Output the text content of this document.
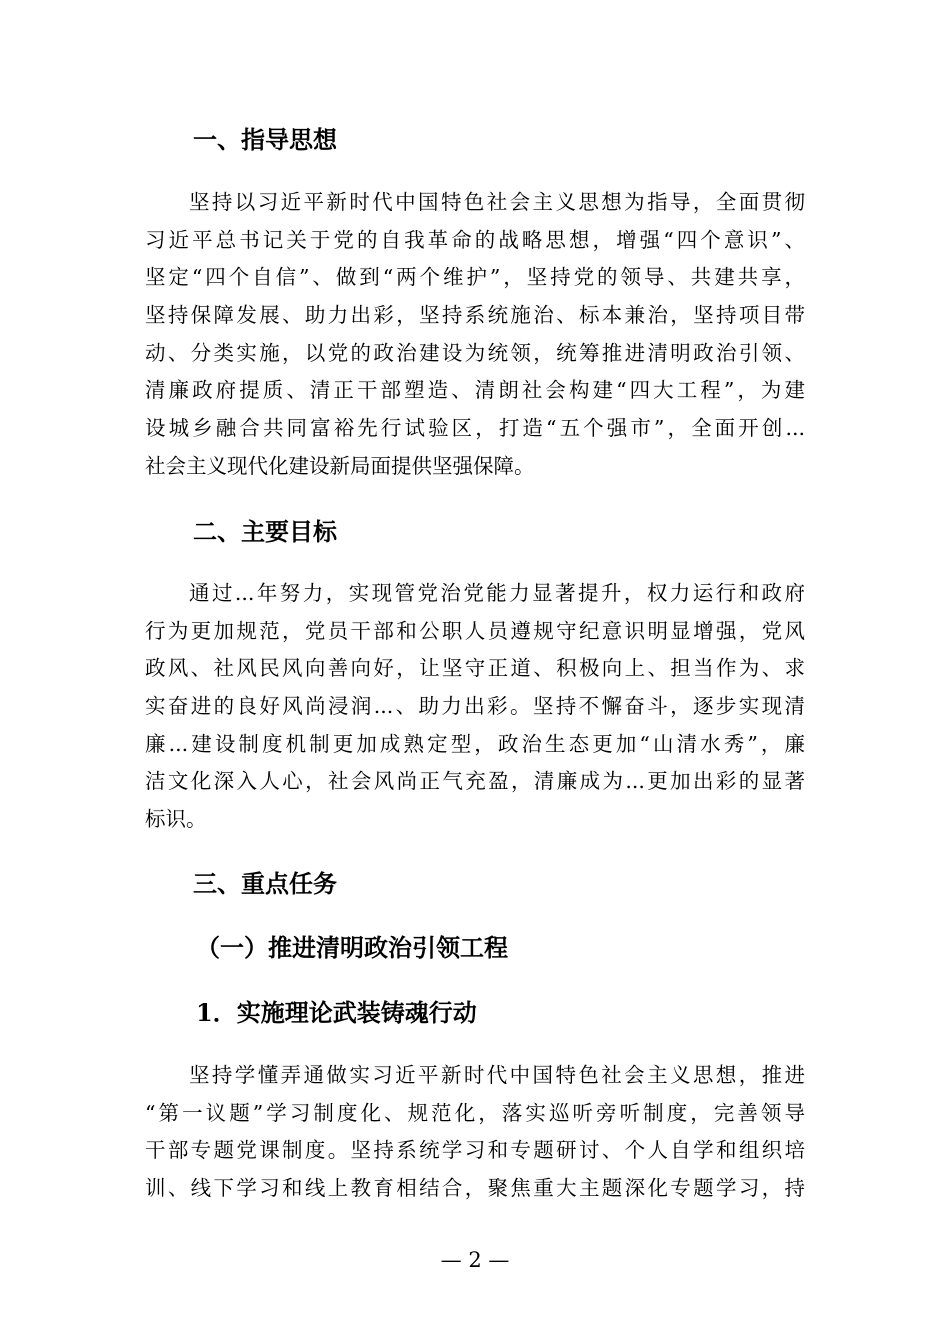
一、指导思想
坚持以习近平新时代中国特色社会主义思想为指导，全面贯彻
习近平总书记关于党的自我革命的战略思想，增强“四个意识”、
坚定“四个自信”、做到“两个维护”，坚持党的领导、共建共享，
坚持保障发展、助力出彩，坚持系统施治、标本兼治，坚持项目带
动、分类实施，以党的政治建设为统领，统筹推进清明政治引领、
清廉政府提质、清正干部塑造、清朗社会构建“四大工程”，为建
设城乡融合共同富裕先行试验区，打造“五个强市”，全面开创...
社会主义现代化建设新局面提供坚强保障。
二、主要目标
通过...年努力，实现管党治党能力显著提升，权力运行和政府
行为更加规范，党员干部和公职人员遵规守纪意识明显增强，党风
政风、社风民风向善向好，让坚守正道、积极向上、担当作为、求
实奋进的良好风尚浸润...、助力出彩。坚持不懈奋斗，逐步实现清
廉...建设制度机制更加成熟定型，政治生态更加“山清水秀”，廉
洁文化深入人心，社会风尚正气充盈，清廉成为...更加出彩的显著
标识。
三、重点任务
（一）推进清明政治引领工程
1．实施理论武装铸魂行动
坚持学懂弄通做实习近平新时代中国特色社会主义思想，推进
“第一议题”学习制度化、规范化，落实巡听旁听制度，完善领导
干部专题党课制度。坚持系统学习和专题研讨、个人自学和组织培
训、线下学习和线上教育相结合，聚焦重大主题深化专题学习，持
— 2 —
